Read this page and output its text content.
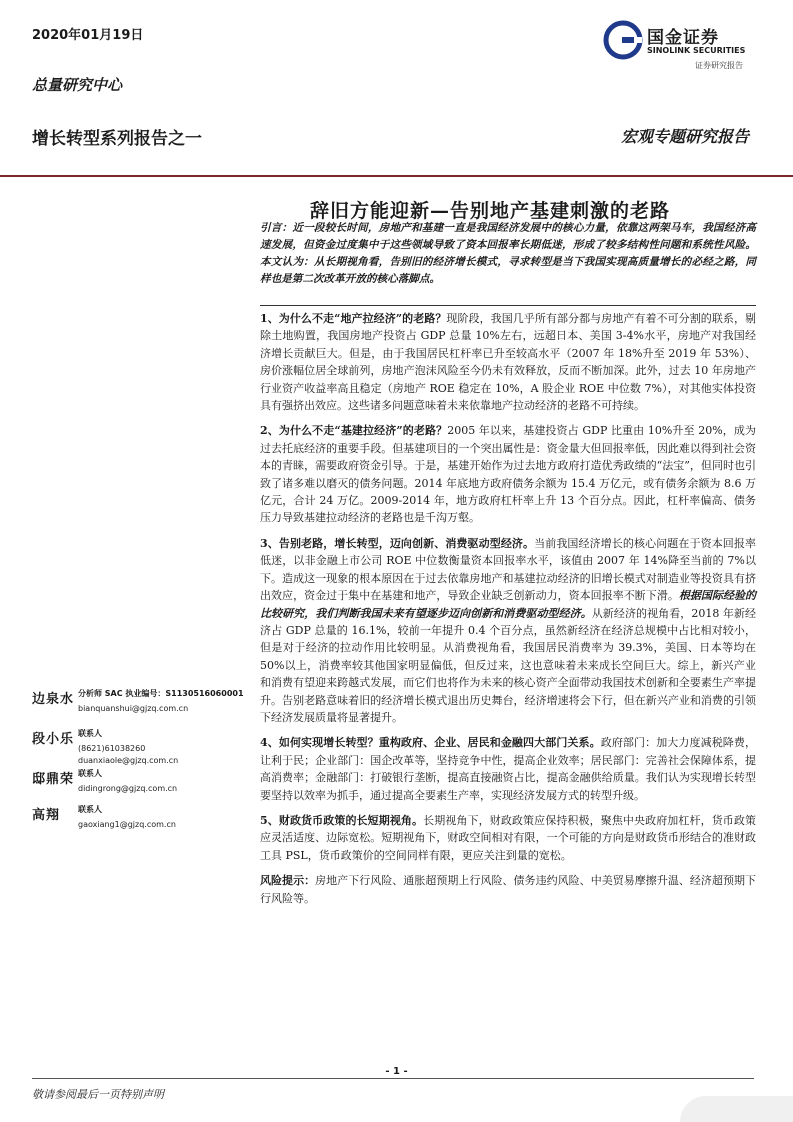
2020年01月19日
总量研究中心
增长转型系列报告之一	宏观专题研究报告
国金证券
SINOLINK SECURITIES
证券研究报告
辞旧方能迎新—告别地产基建刺激的老路
引言：近一段较长时间，房地产和基建一直是我国经济发展中的核心力量，依靠这两架马车，我国经济高速发展，但资金过度集中于这些领域导致了资本回报率长期低迷，形成了较多结构性问题和系统性风险。本文认为：从长期视角看，告别旧的经济增长模式，寻求转型是当下我国实现高质量增长的必经之路，同样也是第二次改革开放的核心落脚点。

1、为什么不走“地产拉经济”的老路？现阶段，我国几乎所有部分都与房地产有着不可分割的联系，剔除土地购置，我国房地产投资占 GDP 总量 10%左右，远超日本、美国 3-4%水平，房地产对我国经济增长贡献巨大。但是，由于我国居民杠杆率已升至较高水平（2007 年 18%升至 2019 年 53%）、房价涨幅位居全球前列，房地产泡沫风险至今仍未有效释放，反而不断加深。此外，过去 10 年房地产行业资产收益率高且稳定（房地产 ROE 稳定在 10%，A 股企业 ROE 中位数 7%），对其他实体投资具有强挤出效应。这些诸多问题意味着未来依靠地产拉动经济的老路不可持续。

2、为什么不走“基建拉经济”的老路？2005 年以来，基建投资占 GDP 比重由 10%升至 20%，成为过去托底经济的重要手段。但基建项目的一个突出属性是：资金量大但回报率低，因此难以得到社会资本的青睐，需要政府资金引导。于是，基建开始作为过去地方政府打造优秀政绩的“法宝”，但同时也引致了诸多难以磨灭的债务问题。2014 年底地方政府债务余额为 15.4 万亿元，或有债务余额为 8.6 万亿元，合计 24 万亿。2009-2014 年，地方政府杠杆率上升 13 个百分点。因此，杠杆率偏高、债务压力导致基建拉动经济的老路也是千沟万壑。

3、告别老路，增长转型，迈向创新、消费驱动型经济。当前我国经济增长的核心问题在于资本回报率低迷，以非金融上市公司 ROE 中位数衡量资本回报率水平，该值由 2007 年 14%降至当前的 7%以下。造成这一现象的根本原因在于过去依靠房地产和基建拉动经济的旧增长模式对制造业等投资具有挤出效应，资金过于集中在基建和地产，导致企业缺乏创新动力，资本回报率不断下滑。根据国际经验的比较研究，我们判断我国未来有望逐步迈向创新和消费驱动型经济。从新经济的视角看，2018 年新经济占 GDP 总量的 16.1%，较前一年提升 0.4 个百分点，虽然新经济在经济总规模中占比相对较小，但是对于经济的拉动作用比较明显。从消费视角看，我国居民消费率为 39.3%，美国、日本等均在 50%以上，消费率较其他国家明显偏低，但反过来，这也意味着未来成长空间巨大。综上，新兴产业和消费有望迎来跨越式发展，而它们也将作为未来的核心资产全面带动我国技术创新和全要素生产率提升。告别老路意味着旧的经济增长模式退出历史舞台，经济增速将会下行，但在新兴产业和消费的引领下经济发展质量将显著提升。

4、如何实现增长转型？重构政府、企业、居民和金融四大部门关系。政府部门：加大力度减税降费，让利于民；企业部门：国企改革等，坚持竞争中性，提高企业效率；居民部门：完善社会保障体系，提高消费率；金融部门：打破银行垄断，提高直接融资占比，提高金融供给质量。我们认为实现增长转型要坚持以效率为抓手，通过提高全要素生产率，实现经济发展方式的转型升级。

5、财政货币政策的长短期视角。长期视角下，财政政策应保持积极，聚焦中央政府加杠杆，货币政策应灵活适度、边际宽松。短期视角下，财政空间相对有限，一个可能的方向是财政货币形结合的准财政工具 PSL，货币政策价的空间同样有限，更应关注到量的宽松。

风险提示：房地产下行风险、通胀超预期上行风险、债务违约风险、中美贸易摩擦升温、经济超预期下行风险等。

边泉水 分析师 SAC 执业编号：S1130516060001
bianquanshui@gjzq.com.cn
段小乐 联系人
(8621)61038260
duanxiaole@gjzq.com.cn
邸鼎荣 联系人
didingrong@gjzq.com.cn
高翔 联系人
gaoxiang1@gjzq.com.cn
- 1 -
敬请参阅最后一页特别声明
